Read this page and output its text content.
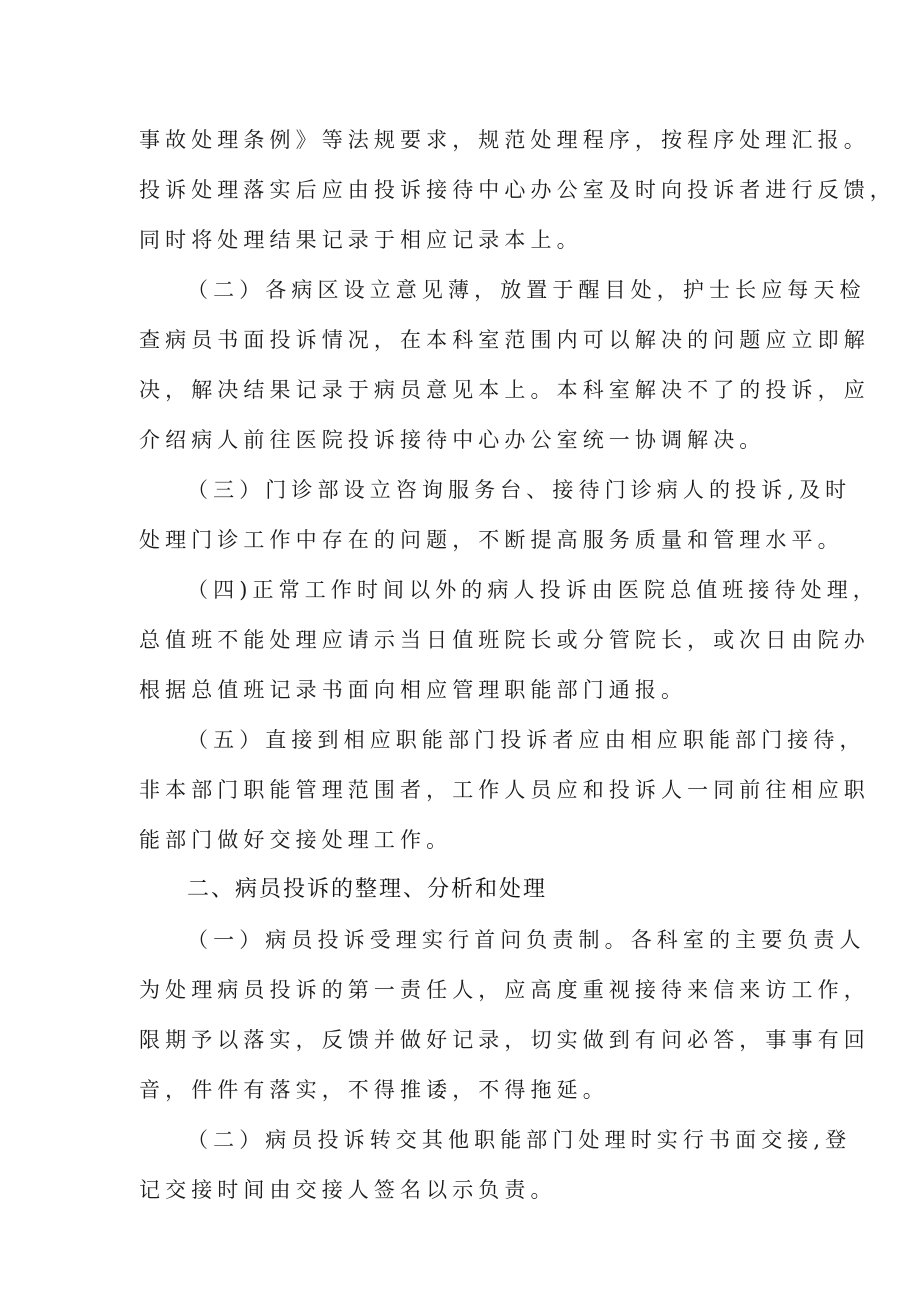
事故处理条例》等法规要求，规范处理程序，按程序处理汇报。

投诉处理落实后应由投诉接待中心办公室及时向投诉者进行反馈，

同时将处理结果记录于相应记录本上。

（二）各病区设立意见薄，放置于醒目处，护士长应每天检

查病员书面投诉情况，在本科室范围内可以解决的问题应立即解

决，解决结果记录于病员意见本上。本科室解决不了的投诉，应

介绍病人前往医院投诉接待中心办公室统一协调解决。

（三）门诊部设立咨询服务台、接待门诊病人的投诉,及时

处理门诊工作中存在的问题，不断提高服务质量和管理水平。

（四)正常工作时间以外的病人投诉由医院总值班接待处理，

总值班不能处理应请示当日值班院长或分管院长，或次日由院办

根据总值班记录书面向相应管理职能部门通报。

（五）直接到相应职能部门投诉者应由相应职能部门接待，

非本部门职能管理范围者，工作人员应和投诉人一同前往相应职

能部门做好交接处理工作。

二、病员投诉的整理、分析和处理

（一）病员投诉受理实行首问负责制。各科室的主要负责人

为处理病员投诉的第一责任人，应高度重视接待来信来访工作，

限期予以落实，反馈并做好记录，切实做到有问必答，事事有回

音，件件有落实，不得推诿，不得拖延。

（二）病员投诉转交其他职能部门处理时实行书面交接,登

记交接时间由交接人签名以示负责。
